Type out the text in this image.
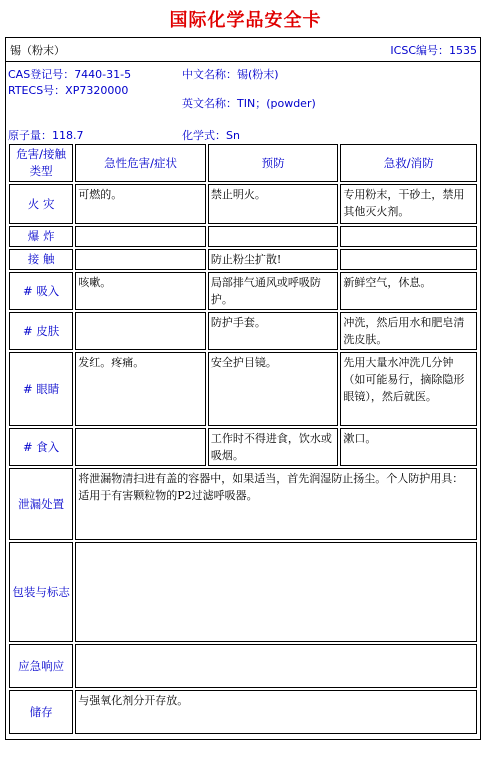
国际化学品安全卡
锡（粉末）	ICSC编号：1535
CAS登记号：7440-31-5
RTECS号：XP7320000
中文名称：锡(粉末)
英文名称：TIN；(powder)
原子量：118.7	化学式：Sn
危害/接触类型	急性危害/症状	预防	急救/消防
火 灾	可燃的。	禁止明火。	专用粉末，干砂土，禁用其他灭火剂。
爆 炸			
接 触		防止粉尘扩散!	
# 吸入	咳嗽。	局部排气通风或呼吸防护。	新鲜空气，休息。
# 皮肤		防护手套。	冲洗，然后用水和肥皂清洗皮肤。
# 眼睛	发红。疼痛。	安全护目镜。	先用大量水冲洗几分钟（如可能易行，摘除隐形眼镜），然后就医。
# 食入		工作时不得进食，饮水或吸烟。	漱口。
泄漏处置	将泄漏物清扫进有盖的容器中，如果适当，首先润湿防止扬尘。个人防护用具：适用于有害颗粒物的P2过滤呼吸器。		
包装与标志			
应急响应			
储存	与强氧化剂分开存放。		
